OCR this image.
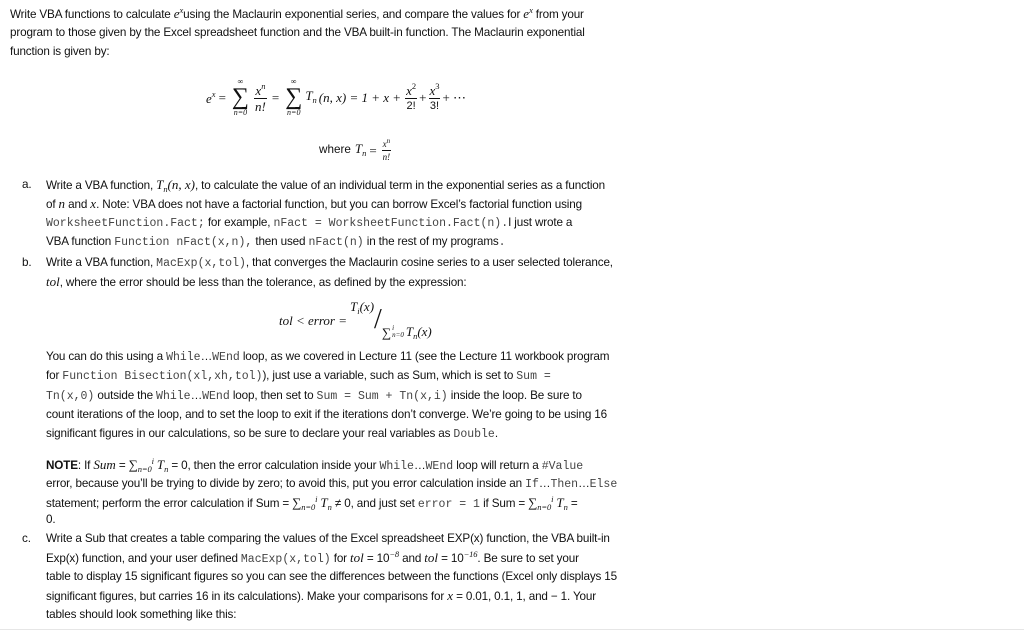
Write VBA functions to calculate $e^xusing$ the Maclaurin exponential series, and compare the values for $e^x$ from your
program to those given by the Excel spreadsheet function and the VBA built-in function. The Maclaurin exponential
function is given by:
$e^x$ =
∞
∑
$n=0 \frac{x^n}{n!}$ =
∞
∑
n=0
$T_n$ (n, $x) = 1 + x + \frac{x^2}{2!} + \frac{x^3}{3!}$ + ⋯
where $T_n = \frac{x^n}{n!}$
a. Write a VBA function, $T_n(n$, x), to calculate the value of an individual term in the exponential series as a function
of n and x. Note: VBA does not have a factorial function, but you can borrow Excel’s factorial function using
WorksheetFunction.Fact; for example, nFact = WorksheetFunction.Fact(n).I just wrote a
VBA function Function nFact(x,n), then used nFact(n) in the rest of my programs.
b. Write a VBA function, MacExp(x,tol), that converges the Maclaurin cosine series to a user selected tolerance,
tol, where the error should be less than the tolerance, as defined by the expression:
tol < error =
$T_i(x)$ / ∑ i
n=0 $T_n(x)$
You can do this using a While…WEnd loop, as we covered in Lecture 11 (see the Lecture 11 workbook program
for Function Bisection(xl,xh,tol)), just use a variable, such as Sum, which is set to Sum =
Tn(x,0) outside the While…WEnd loop, then set to Sum = Sum + Tn(x,i) inside the loop. Be sure to
count iterations of the loop, and to set the loop to exit if the iterations don’t converge. We’re going to be using 16
significant figures in our calculations, so be sure to declare your real variables as Double.
NOTE: If Sum = $\sum_{n=0}^i$ $T_n = 0$, then the error calculation inside your While…WEnd loop will return a #Value
error, because you’ll be trying to divide by zero; to avoid this, put you error calculation inside an If…Then…Else
statement; perform the error calculation if Sum = $\sum_{n=0}^i$ $T_n \ne 0$, and just set error = 1 if Sum = $\sum_{n=0}^i$ $T_n$ =
0.
c. Write a Sub that creates a table comparing the values of the Excel spreadsheet EXP(x) function, the VBA built-in
Exp(x) function, and your user defined MacExp(x,tol) for tol = $10^{-8}$ and tol = $10^{-16}$. Be sure to set your
table to display 15 significant figures so you can see the differences between the functions (Excel only displays 15
significant figures, but carries 16 in its calculations). Make your comparisons for x = 0.01, 0.1, 1, and − 1. Your
tables should look something like this:
